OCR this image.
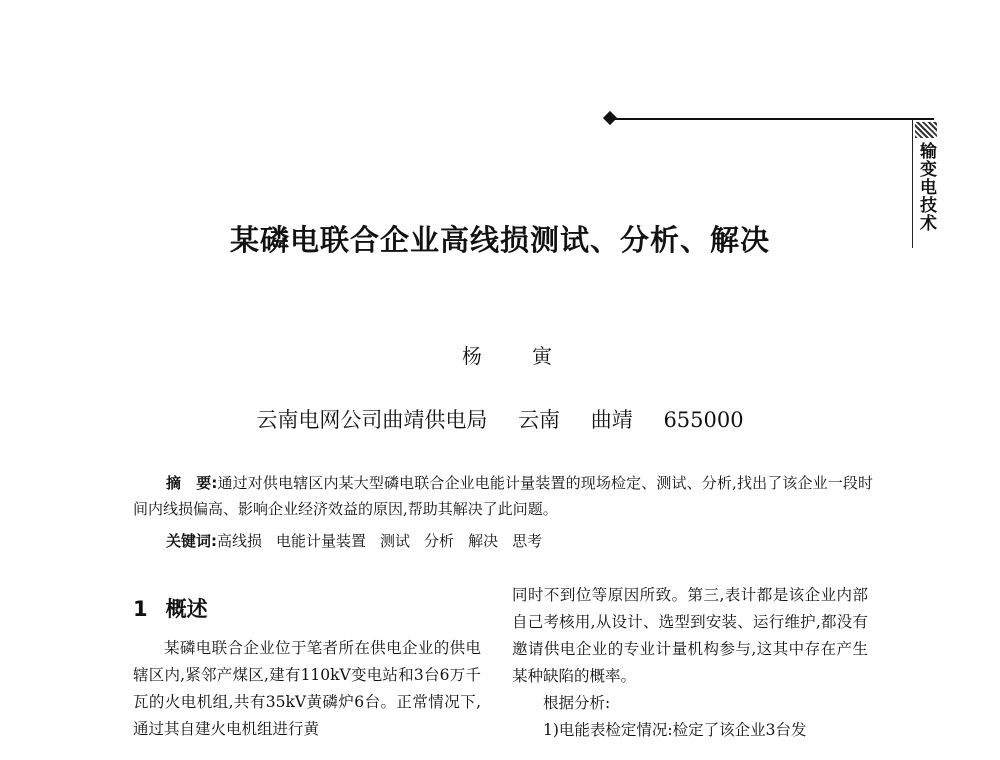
输变电技术
某磷电联合企业高线损测试、分析、解决
杨 寅
云南电网公司曲靖供电局 云南 曲靖 655000

摘　要:通过对供电辖区内某大型磷电联合企业电能计量装置的现场检定、测试、分析,找出了该企业一段时间内线损偏高、影响企业经济效益的原因,帮助其解决了此问题。

关键词:高线损 电能计量装置 测试 分析 解决 思考
1 概述

某磷电联合企业位于笔者所在供电企业的供电辖区内,紧邻产煤区,建有110kV变电站和3台6万千瓦的火电机组,共有35kV黄磷炉6台。正常情况下,通过其自建火电机组进行黄

同时不到位等原因所致。第三,表计都是该企业内部自己考核用,从设计、选型到安装、运行维护,都没有邀请供电企业的专业计量机构参与,这其中存在产生某种缺陷的概率。

根据分析:

1)电能表检定情况:检定了该企业3台发
